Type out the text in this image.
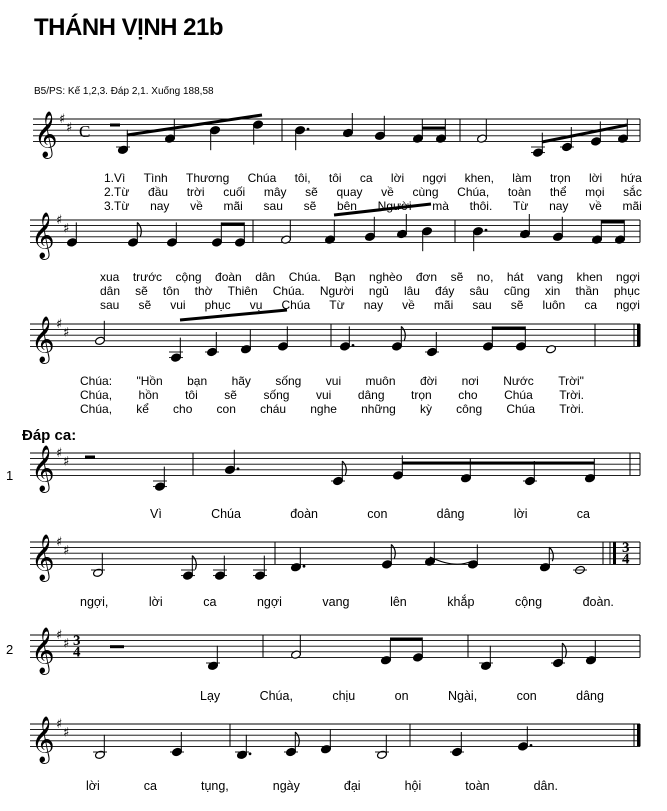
THÁNH VỊNH 21b
B5/PS: Kế 1,2,3. Đáp 2,1. Xuống 188,58
Đáp ca:
1
2
𝄞 ♯
♯
𝄞 ♯
♯
𝄞 ♯
♯
𝄞 ♯
♯
𝄞 ♯
♯	3
4
𝄞 ♯
♯
𝄞 ♯
♯
C
3
4
1.Vì Tình Thương Chúa tôi, tôi ca lời ngợi khen, làm trọn lời hứa
2.Từ đầu trời cuối mây sẽ quay về cùng Chúa, toàn thể mọi sắc
3.Từ nay về mãi sau sẽ bên Người mà thôi. Từ nay về mãi
xua trước cộng đoàn dân Chúa. Bạn nghèo đơn sẽ no, hát vang khen ngợi
dân sẽ tôn thờ Thiên Chúa. Người ngủ lâu đáy sâu cũng xin thần phục
sau sẽ vui phục vụ Chúa Từ nay về mãi sau sẽ luôn ca ngợi
Chúa: "Hồn bạn hãy sống vui muôn đời nơi Nước Trời"
Chúa, hồn tôi sẽ sống vui dâng trọn cho Chúa Trời.
Chúa, kể cho con cháu nghe những kỳ công Chúa Trời.
Vì	Chúa	đoàn	con	dâng	lời	ca
ngợi,	lời	ca	ngợi	vang	lên	khắp	cộng	đoàn.
Lạy	Chúa,	chịu	on	Ngài,	con	dâng
lời	ca	tụng,	ngày	đại	hội	toàn	dân.
